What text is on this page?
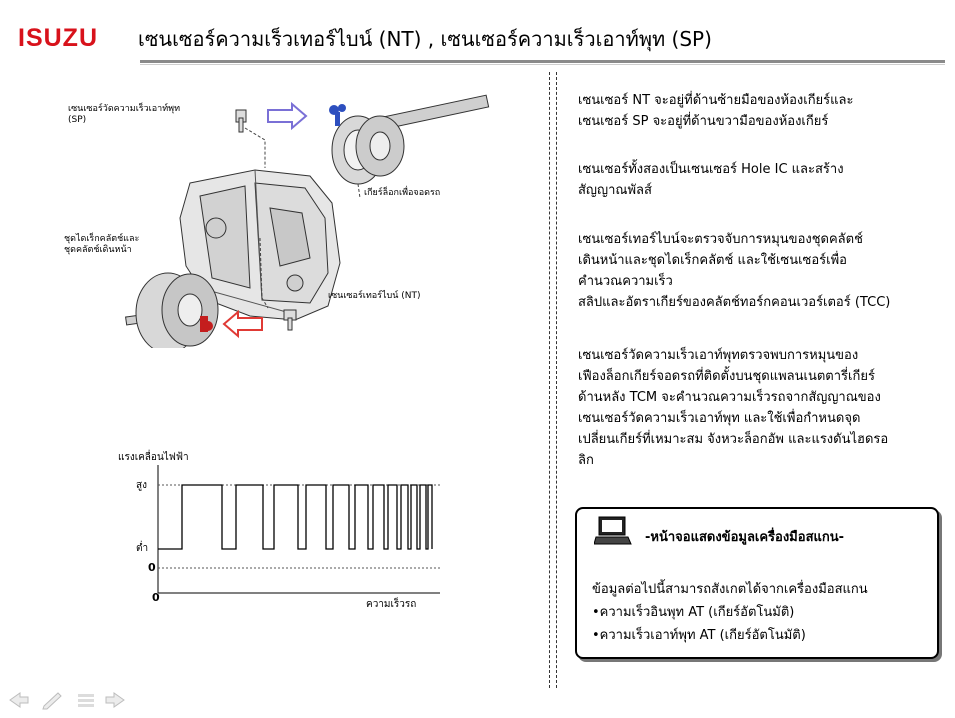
ISUZU เซนเซอร์ความเร็วเทอร์ไบน์ (NT) , เซนเซอร์ความเร็วเอาท์พุท (SP)
เซนเซอร์วัดความเร็วเอาท์พุท
(SP)
เกียร์ล็อกเพื่อจอดรถ
ชุดไดเร็กคลัตช์และ
ชุดคลัตช์เดินหน้า
เซนเซอร์เทอร์ไบน์ (NT)
แรงเคลื่อนไฟฟ้า
สูง
ต่ำ
0
0
ความเร็วรถ
เซนเซอร์ NT จะอยู่ที่ด้านซ้ายมือของห้องเกียร์และ
เซนเซอร์ SP จะอยู่ที่ด้านขวามือของห้องเกียร์
เซนเซอร์ทั้งสองเป็นเซนเซอร์ Hole IC และสร้าง
สัญญาณพัลส์
เซนเซอร์เทอร์ไบน์จะตรวจจับการหมุนของชุดคลัตช์
เดินหน้าและชุดไดเร็กคลัตช์ และใช้เซนเซอร์เพื่อ
คำนวณความเร็ว
สลิปและอัตราเกียร์ของคลัตช์ทอร์กคอนเวอร์เตอร์ (TCC)
เซนเซอร์วัดความเร็วเอาท์พุทตรวจพบการหมุนของ
เฟืองล็อกเกียร์จอดรถที่ติดตั้งบนชุดแพลนเนตตารี่เกียร์
ด้านหลัง TCM จะคำนวณความเร็วรถจากสัญญาณของ
เซนเซอร์วัดความเร็วเอาท์พุท และใช้เพื่อกำหนดจุด
เปลี่ยนเกียร์ที่เหมาะสม จังหวะล็อกอัพ และแรงดันไฮดรอ
ลิก
-หน้าจอแสดงข้อมูลเครื่องมือสแกน-
ข้อมูลต่อไปนี้สามารถสังเกตได้จากเครื่องมือสแกน
•ความเร็วอินพุท AT (เกียร์อัตโนมัติ)
•ความเร็วเอาท์พุท AT (เกียร์อัตโนมัติ)
